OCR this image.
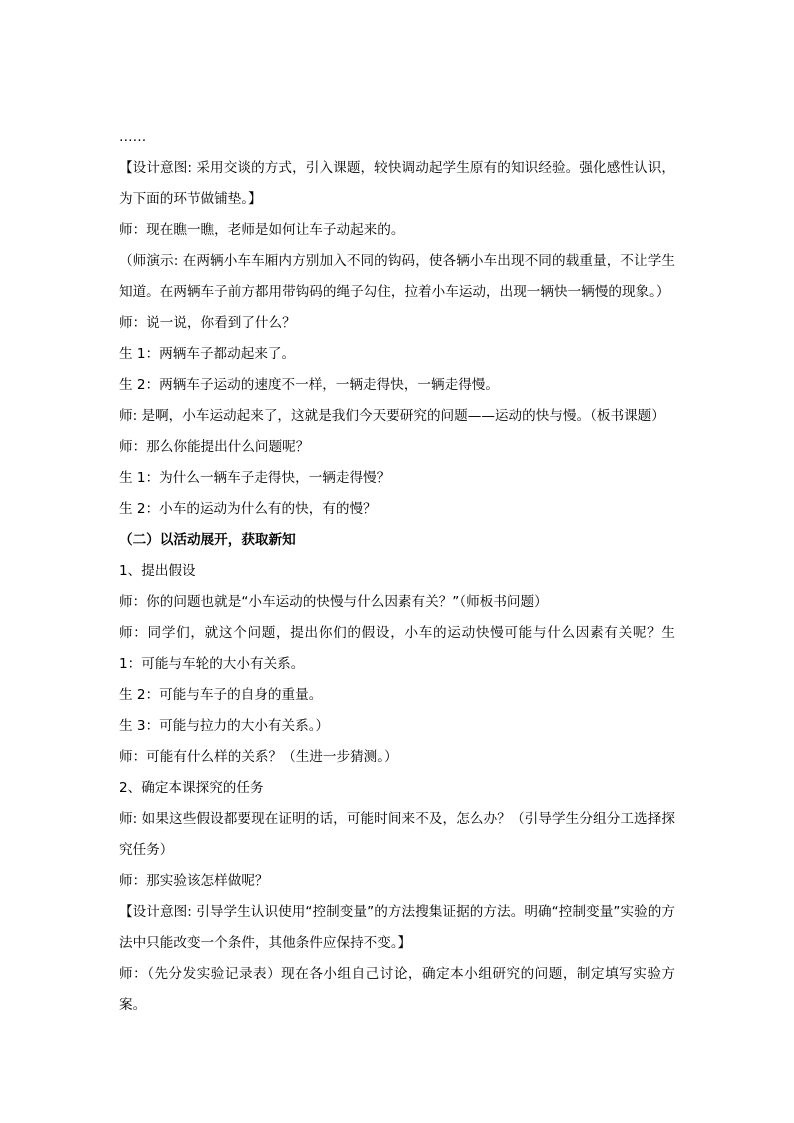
……

【设计意图: 采用交谈的方式，引入课题，较快调动起学生原有的知识经验。强化感性认识，为下面的环节做铺垫。】

师：现在瞧一瞧，老师是如何让车子动起来的。

（师演示: 在两辆小车车厢内方别加入不同的钩码，使各辆小车出现不同的载重量，不让学生知道。在两辆车子前方都用带钩码的绳子勾住，拉着小车运动，出现一辆快一辆慢的现象。）

师：说一说，你看到了什么？

生 1：两辆车子都动起来了。

生 2：两辆车子运动的速度不一样，一辆走得快，一辆走得慢。

师: 是啊，小车运动起来了，这就是我们今天要研究的问题——运动的快与慢。（板书课题）

师：那么你能提出什么问题呢？

生 1：为什么一辆车子走得快，一辆走得慢？

生 2：小车的运动为什么有的快，有的慢？

（二）以活动展开，获取新知

1、提出假设

师：你的问题也就是“小车运动的快慢与什么因素有关？”（师板书问题）

师：同学们，就这个问题，提出你们的假设，小车的运动快慢可能与什么因素有关呢？生 1：可能与车轮的大小有关系。

生 2：可能与车子的自身的重量。

生 3：可能与拉力的大小有关系。）

师：可能有什么样的关系？（生进一步猜测。）

2、确定本课探究的任务

师: 如果这些假设都要现在证明的话，可能时间来不及，怎么办？（引导学生分组分工选择探究任务）

师：那实验该怎样做呢？

【设计意图: 引导学生认识使用“控制变量”的方法搜集证据的方法。明确“控制变量”实验的方法中只能改变一个条件，其他条件应保持不变。】

师：（先分发实验记录表）现在各小组自己讨论，确定本小组研究的问题，制定填写实验方案。
